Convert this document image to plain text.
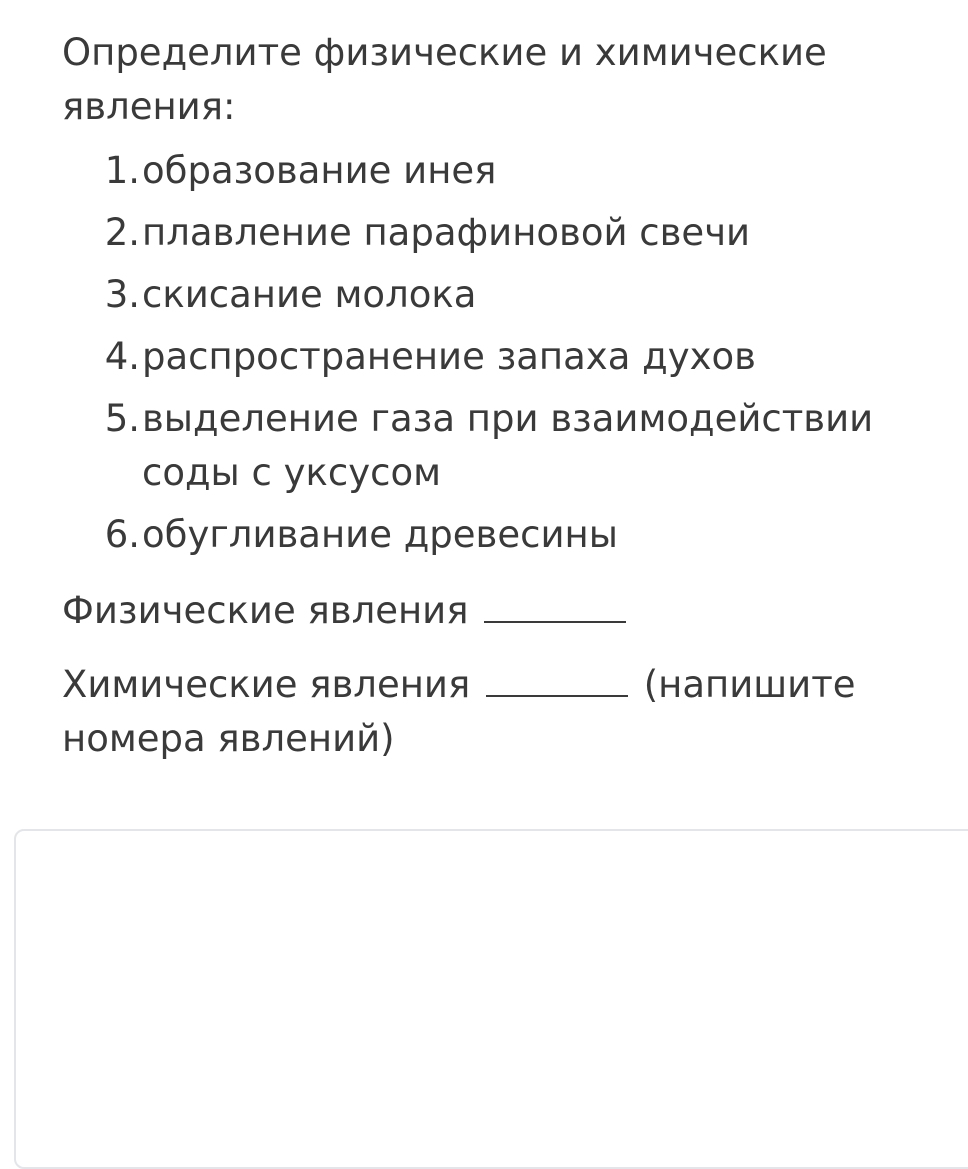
Определите физические и химические явления:

1. образование инея
2. плавление парафиновой свечи
3. скисание молока
4. распространение запаха духов
5. выделение газа при взаимодействии соды с уксусом
6. обугливание древесины

Физические явления

Химические явления	(напишите номера явлений)
